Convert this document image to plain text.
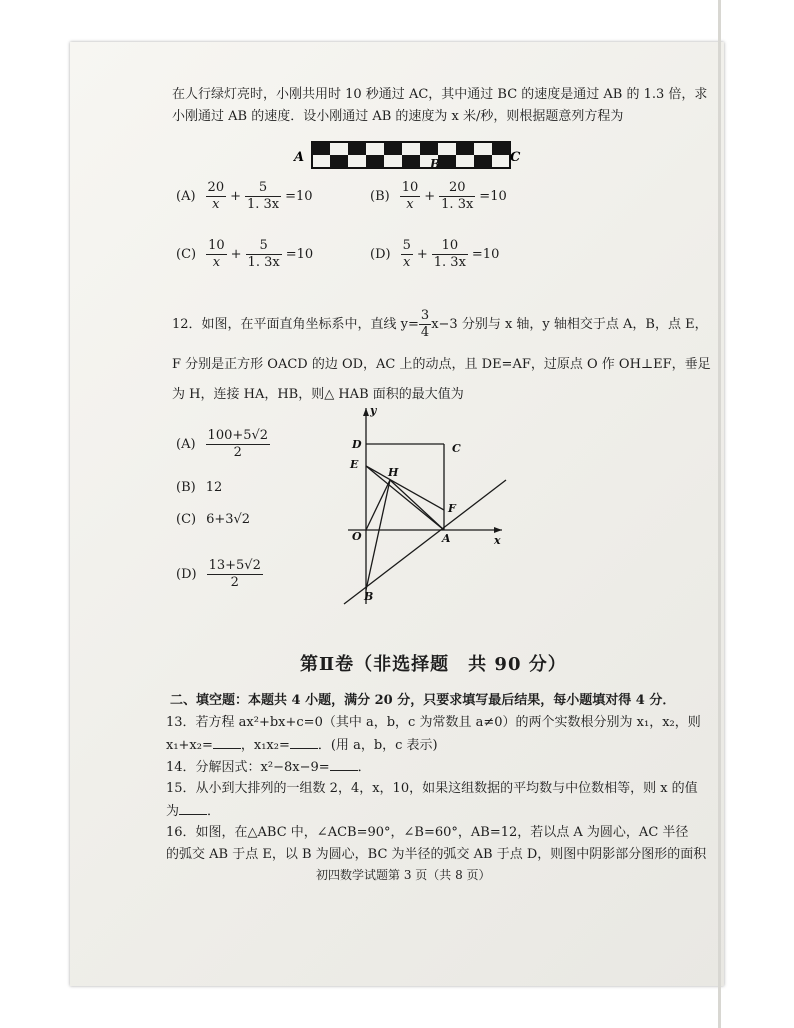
在人行绿灯亮时，小刚共用时 10 秒通过 AC，其中通过 BC 的速度是通过 AB 的 1.3 倍，求
小刚通过 AB 的速度．设小刚通过 AB 的速度为 x 米/秒，则根据题意列方程为
A	B	C
$(A) \frac{20}{x} + \frac{5}{1. 3x} =10$	$(B) \frac{10}{x} + \frac{20}{1. 3x} =10$
$(C) \frac{10}{x} + \frac{5}{1. 3x} =10$	$(D) \frac{5}{x} + \frac{10}{1. 3x} =10$
12．如图，在平面直角坐标系中，直线 $y= \frac{3}{4} x-3$ 分别与 x 轴，y 轴相交于点 A，B，点 E，
F 分别是正方形 OACD 的边 OD，AC 上的动点，且 DE=AF，过原点 O 作 OH⊥EF，垂足
为 H，连接 HA，HB，则△ HAB 面积的最大值为
$(A) \frac{100+5√2}{2}$
(B) 12
(C) 6+3√2
$(D) \frac{13+5√2}{2}$
y
x
D	C
E
H
F
O	A
B
第Ⅱ卷（非选择题　共 90 分）
二、填空题：本题共 4 小题，满分 20 分，只要求填写最后结果，每小题填对得 4 分．
13．若方程 ax²+bx+c=0（其中 a，b，c 为常数且 a≠0）的两个实数根分别为 x₁，x₂，则
x₁+x₂= ，x₁x₂= ．(用 a，b，c 表示)
14．分解因式：x²−8x−9= ．
15．从小到大排列的一组数 2，4，x，10，如果这组数据的平均数与中位数相等，则 x 的值
为 ．
16．如图，在△ABC 中，∠ACB=90°，∠B=60°，AB=12，若以点 A 为圆心，AC 半径
的弧交 AB 于点 E，以 B 为圆心，BC 为半径的弧交 AB 于点 D，则图中阴影部分图形的面积
初四数学试题第 3 页（共 8 页）
